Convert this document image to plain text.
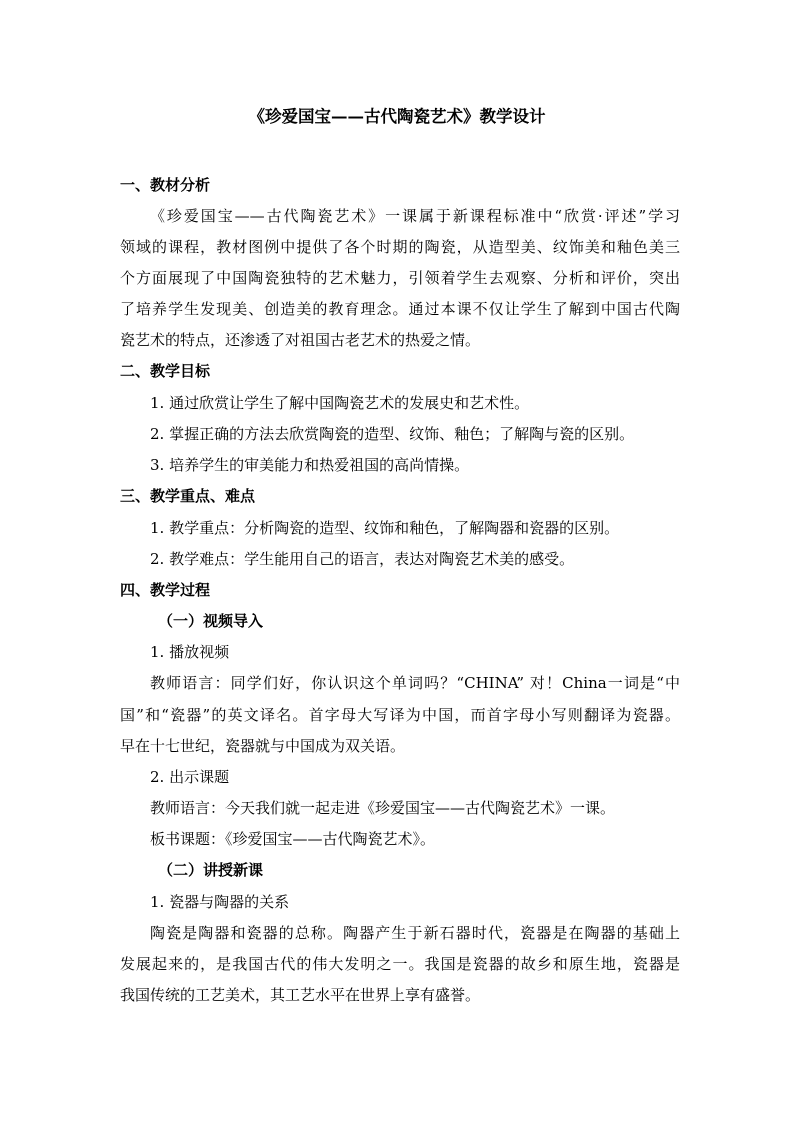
《珍爱国宝——古代陶瓷艺术》教学设计
一、教材分析
《珍爱国宝——古代陶瓷艺术》一课属于新课程标准中“欣赏·评述”学习
领域的课程，教材图例中提供了各个时期的陶瓷，从造型美、纹饰美和釉色美三
个方面展现了中国陶瓷独特的艺术魅力，引领着学生去观察、分析和评价，突出
了培养学生发现美、创造美的教育理念。通过本课不仅让学生了解到中国古代陶
瓷艺术的特点，还渗透了对祖国古老艺术的热爱之情。
二、教学目标
1. 通过欣赏让学生了解中国陶瓷艺术的发展史和艺术性。
2. 掌握正确的方法去欣赏陶瓷的造型、纹饰、釉色；了解陶与瓷的区别。
3. 培养学生的审美能力和热爱祖国的高尚情操。
三、教学重点、难点
1. 教学重点：分析陶瓷的造型、纹饰和釉色，了解陶器和瓷器的区别。
2. 教学难点：学生能用自己的语言，表达对陶瓷艺术美的感受。
四、教学过程
（一）视频导入
1. 播放视频
教师语言：同学们好，你认识这个单词吗？“CHINA” 对！China一词是“中
国”和“瓷器”的英文译名。首字母大写译为中国，而首字母小写则翻译为瓷器。
早在十七世纪，瓷器就与中国成为双关语。
2. 出示课题
教师语言：今天我们就一起走进《珍爱国宝——古代陶瓷艺术》一课。
板书课题：《珍爱国宝——古代陶瓷艺术》。
（二）讲授新课
1. 瓷器与陶器的关系
陶瓷是陶器和瓷器的总称。陶器产生于新石器时代，瓷器是在陶器的基础上
发展起来的，是我国古代的伟大发明之一。我国是瓷器的故乡和原生地，瓷器是
我国传统的工艺美术，其工艺水平在世界上享有盛誉。
